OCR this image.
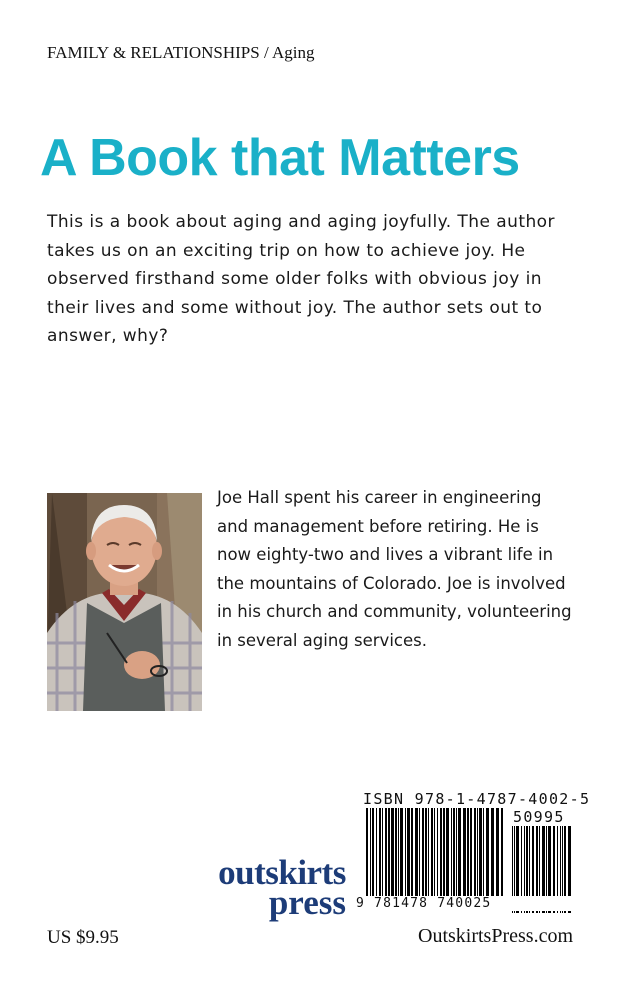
FAMILY & RELATIONSHIPS / Aging
A Book that Matters
This is a book about aging and aging joyfully. The author takes us on an exciting trip on how to achieve joy. He observed firsthand some older folks with obvious joy in their lives and some without joy. The author sets out to answer, why?
Joe Hall spent his career in engineering and management before retiring. He is now eighty-two and lives a vibrant life in the mountains of Colorado. Joe is involved in his church and community, volunteering in several aging services.
ISBN 978-1-4787-4002-5
50995
9 781478 740025
outskirts
press
US $9.95	OutskirtsPress.com
